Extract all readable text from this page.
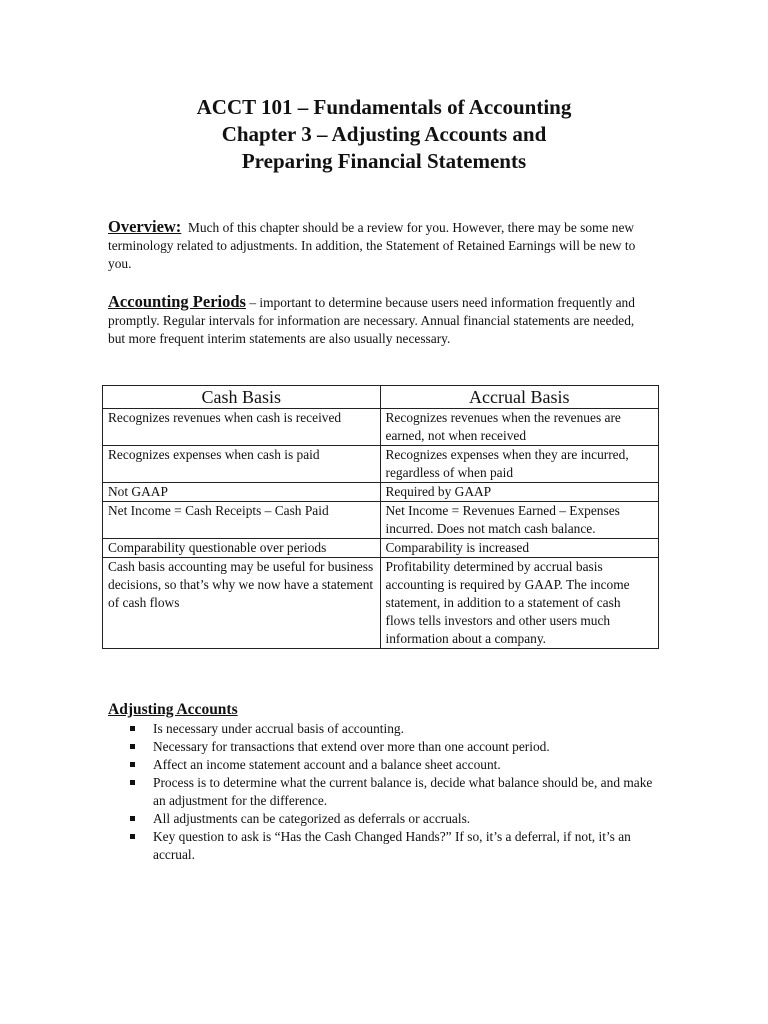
ACCT 101 – Fundamentals of Accounting
Chapter 3 – Adjusting Accounts and
Preparing Financial Statements
Overview: Much of this chapter should be a review for you. However, there may be some new terminology related to adjustments. In addition, the Statement of Retained Earnings will be new to you.
Accounting Periods – important to determine because users need information frequently and promptly. Regular intervals for information are necessary. Annual financial statements are needed, but more frequent interim statements are also usually necessary.
Cash Basis	Accrual Basis
Recognizes revenues when cash is received	Recognizes revenues when the revenues are earned, not when received
Recognizes expenses when cash is paid	Recognizes expenses when they are incurred, regardless of when paid
Not GAAP	Required by GAAP
Net Income = Cash Receipts – Cash Paid	Net Income = Revenues Earned – Expenses incurred. Does not match cash balance.
Comparability questionable over periods	Comparability is increased
Cash basis accounting may be useful for business decisions, so that’s why we now have a statement of cash flows	Profitability determined by accrual basis accounting is required by GAAP. The income statement, in addition to a statement of cash flows tells investors and other users much information about a company.
Adjusting Accounts
Is necessary under accrual basis of accounting.
Necessary for transactions that extend over more than one account period.
Affect an income statement account and a balance sheet account.
Process is to determine what the current balance is, decide what balance should be, and make an adjustment for the difference.
All adjustments can be categorized as deferrals or accruals.
Key question to ask is “Has the Cash Changed Hands?” If so, it’s a deferral, if not, it’s an accrual.
